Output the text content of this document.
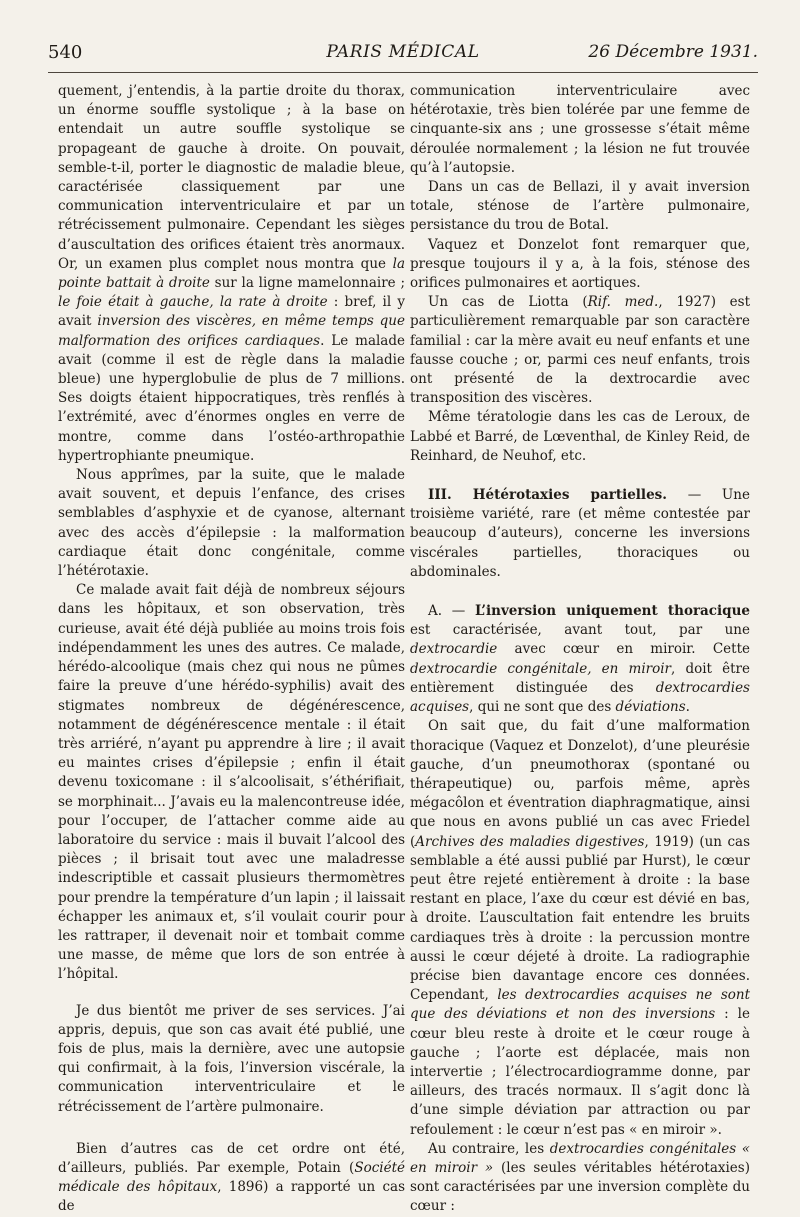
540	PARIS MÉDICAL	26 Décembre 1931.

quement, j’entendis, à la partie droite du thorax, un énorme souffle systolique ; à la base on entendait un autre souffle systolique se propageant de gauche à droite. On pouvait, semble-t-il, porter le diagnostic de maladie bleue, caractérisée classiquement par une communication interventriculaire et par un rétrécissement pulmonaire. Cependant les sièges d’auscultation des orifices étaient très anormaux. Or, un examen plus complet nous montra que la pointe battait à droite sur la ligne mamelonnaire ; le foie était à gauche, la rate à droite : bref, il y avait inversion des viscères, en même temps que malformation des orifices cardiaques. Le malade avait (comme il est de règle dans la maladie bleue) une hyperglobulie de plus de 7 millions. Ses doigts étaient hippocratiques, très renflés à l’extrémité, avec d’énormes ongles en verre de montre, comme dans l’ostéo-arthropathie hypertrophiante pneumique.

Nous apprîmes, par la suite, que le malade avait souvent, et depuis l’enfance, des crises semblables d’asphyxie et de cyanose, alternant avec des accès d’épilepsie : la malformation cardiaque était donc congénitale, comme l’hétérotaxie.

Ce malade avait fait déjà de nombreux séjours dans les hôpitaux, et son observation, très curieuse, avait été déjà publiée au moins trois fois indépendamment les unes des autres. Ce malade, hérédo-alcoolique (mais chez qui nous ne pûmes faire la preuve d’une hérédo-syphilis) avait des stigmates nombreux de dégénérescence, notamment de dégénérescence mentale : il était très arriéré, n’ayant pu apprendre à lire ; il avait eu maintes crises d’épilepsie ; enfin il était devenu toxicomane : il s’alcoolisait, s’éthérifiait, se morphinait... J’avais eu la malencontreuse idée, pour l’occuper, de l’attacher comme aide au laboratoire du service : mais il buvait l’alcool des pièces ; il brisait tout avec une maladresse indescriptible et cassait plusieurs thermomètres pour prendre la température d’un lapin ; il laissait échapper les animaux et, s’il voulait courir pour les rattraper, il devenait noir et tombait comme une masse, de même que lors de son entrée à l’hôpital.

Je dus bientôt me priver de ses services. J’ai appris, depuis, que son cas avait été publié, une fois de plus, mais la dernière, avec une autopsie qui confirmait, à la fois, l’inversion viscérale, la communication interventriculaire et le rétrécissement de l’artère pulmonaire.

Bien d’autres cas de cet ordre ont été, d’ailleurs, publiés. Par exemple, Potain (Société médicale des hôpitaux, 1896) a rapporté un cas de

communication interventriculaire avec hétérotaxie, très bien tolérée par une femme de cinquante-six ans ; une grossesse s’était même déroulée normalement ; la lésion ne fut trouvée qu’à l’autopsie.

Dans un cas de Bellazi, il y avait inversion totale, sténose de l’artère pulmonaire, persistance du trou de Botal.

Vaquez et Donzelot font remarquer que, presque toujours il y a, à la fois, sténose des orifices pulmonaires et aortiques.

Un cas de Liotta (Rif. med., 1927) est particulièrement remarquable par son caractère familial : car la mère avait eu neuf enfants et une fausse couche ; or, parmi ces neuf enfants, trois ont présenté de la dextrocardie avec transposition des viscères.

Même tératologie dans les cas de Leroux, de Labbé et Barré, de Lœventhal, de Kinley Reid, de Reinhard, de Neuhof, etc.

III. Hétérotaxies partielles. — Une troisième variété, rare (et même contestée par beaucoup d’auteurs), concerne les inversions viscérales partielles, thoraciques ou abdominales.

A. — L’inversion uniquement thoracique est caractérisée, avant tout, par une dextrocardie avec cœur en miroir. Cette dextrocardie congénitale, en miroir, doit être entièrement distinguée des dextrocardies acquises, qui ne sont que des déviations.

On sait que, du fait d’une malformation thoracique (Vaquez et Donzelot), d’une pleurésie gauche, d’un pneumothorax (spontané ou thérapeutique) ou, parfois même, après mégacôlon et éventration diaphragmatique, ainsi que nous en avons publié un cas avec Friedel (Archives des maladies digestives, 1919) (un cas semblable a été aussi publié par Hurst), le cœur peut être rejeté entièrement à droite : la base restant en place, l’axe du cœur est dévié en bas, à droite. L’auscultation fait entendre les bruits cardiaques très à droite : la percussion montre aussi le cœur déjeté à droite. La radiographie précise bien davantage encore ces données. Cependant, les dextrocardies acquises ne sont que des déviations et non des inversions : le cœur bleu reste à droite et le cœur rouge à gauche ; l’aorte est déplacée, mais non intervertie ; l’électrocardiogramme donne, par ailleurs, des tracés normaux. Il s’agit donc là d’une simple déviation par attraction ou par refoulement : le cœur n’est pas « en miroir ».

Au contraire, les dextrocardies congénitales « en miroir » (les seules véritables hétérotaxies) sont caractérisées par une inversion complète du cœur :
